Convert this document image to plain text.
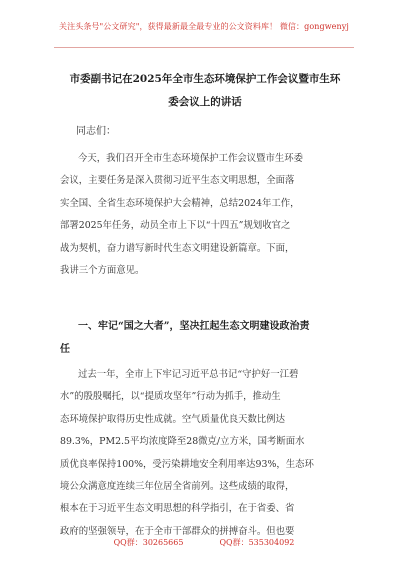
关注头条号"公文研究"，获得最新最全最专业的公文资料库！ 微信：gongwenyj
市委副书记在2025年全市生态环境保护工作会议暨市生环
委会议上的讲话
同志们：
今天，我们召开全市生态环境保护工作会议暨市生环委
会议，主要任务是深入贯彻习近平生态文明思想，全面落
实全国、全省生态环境保护大会精神，总结2024年工作，
部署2025年任务，动员全市上下以“十四五”规划收官之
战为契机，奋力谱写新时代生态文明建设新篇章。下面，
我讲三个方面意见。
一、牢记“国之大者”，坚决扛起生态文明建设政治责
任
过去一年，全市上下牢记习近平总书记“守护好一江碧
水”的殷殷嘱托，以“提质攻坚年”行动为抓手，推动生
态环境保护取得历史性成就。空气质量优良天数比例达
89.3%，PM2.5平均浓度降至28微克/立方米，国考断面水
质优良率保持100%，受污染耕地安全利用率达93%，生态环
境公众满意度连续三年位居全省前列。这些成绩的取得，
根本在于习近平生态文明思想的科学指引，在于省委、省
政府的坚强领导，在于全市干部群众的拼搏奋斗。但也要
QQ群：30265665	QQ群：535304092
